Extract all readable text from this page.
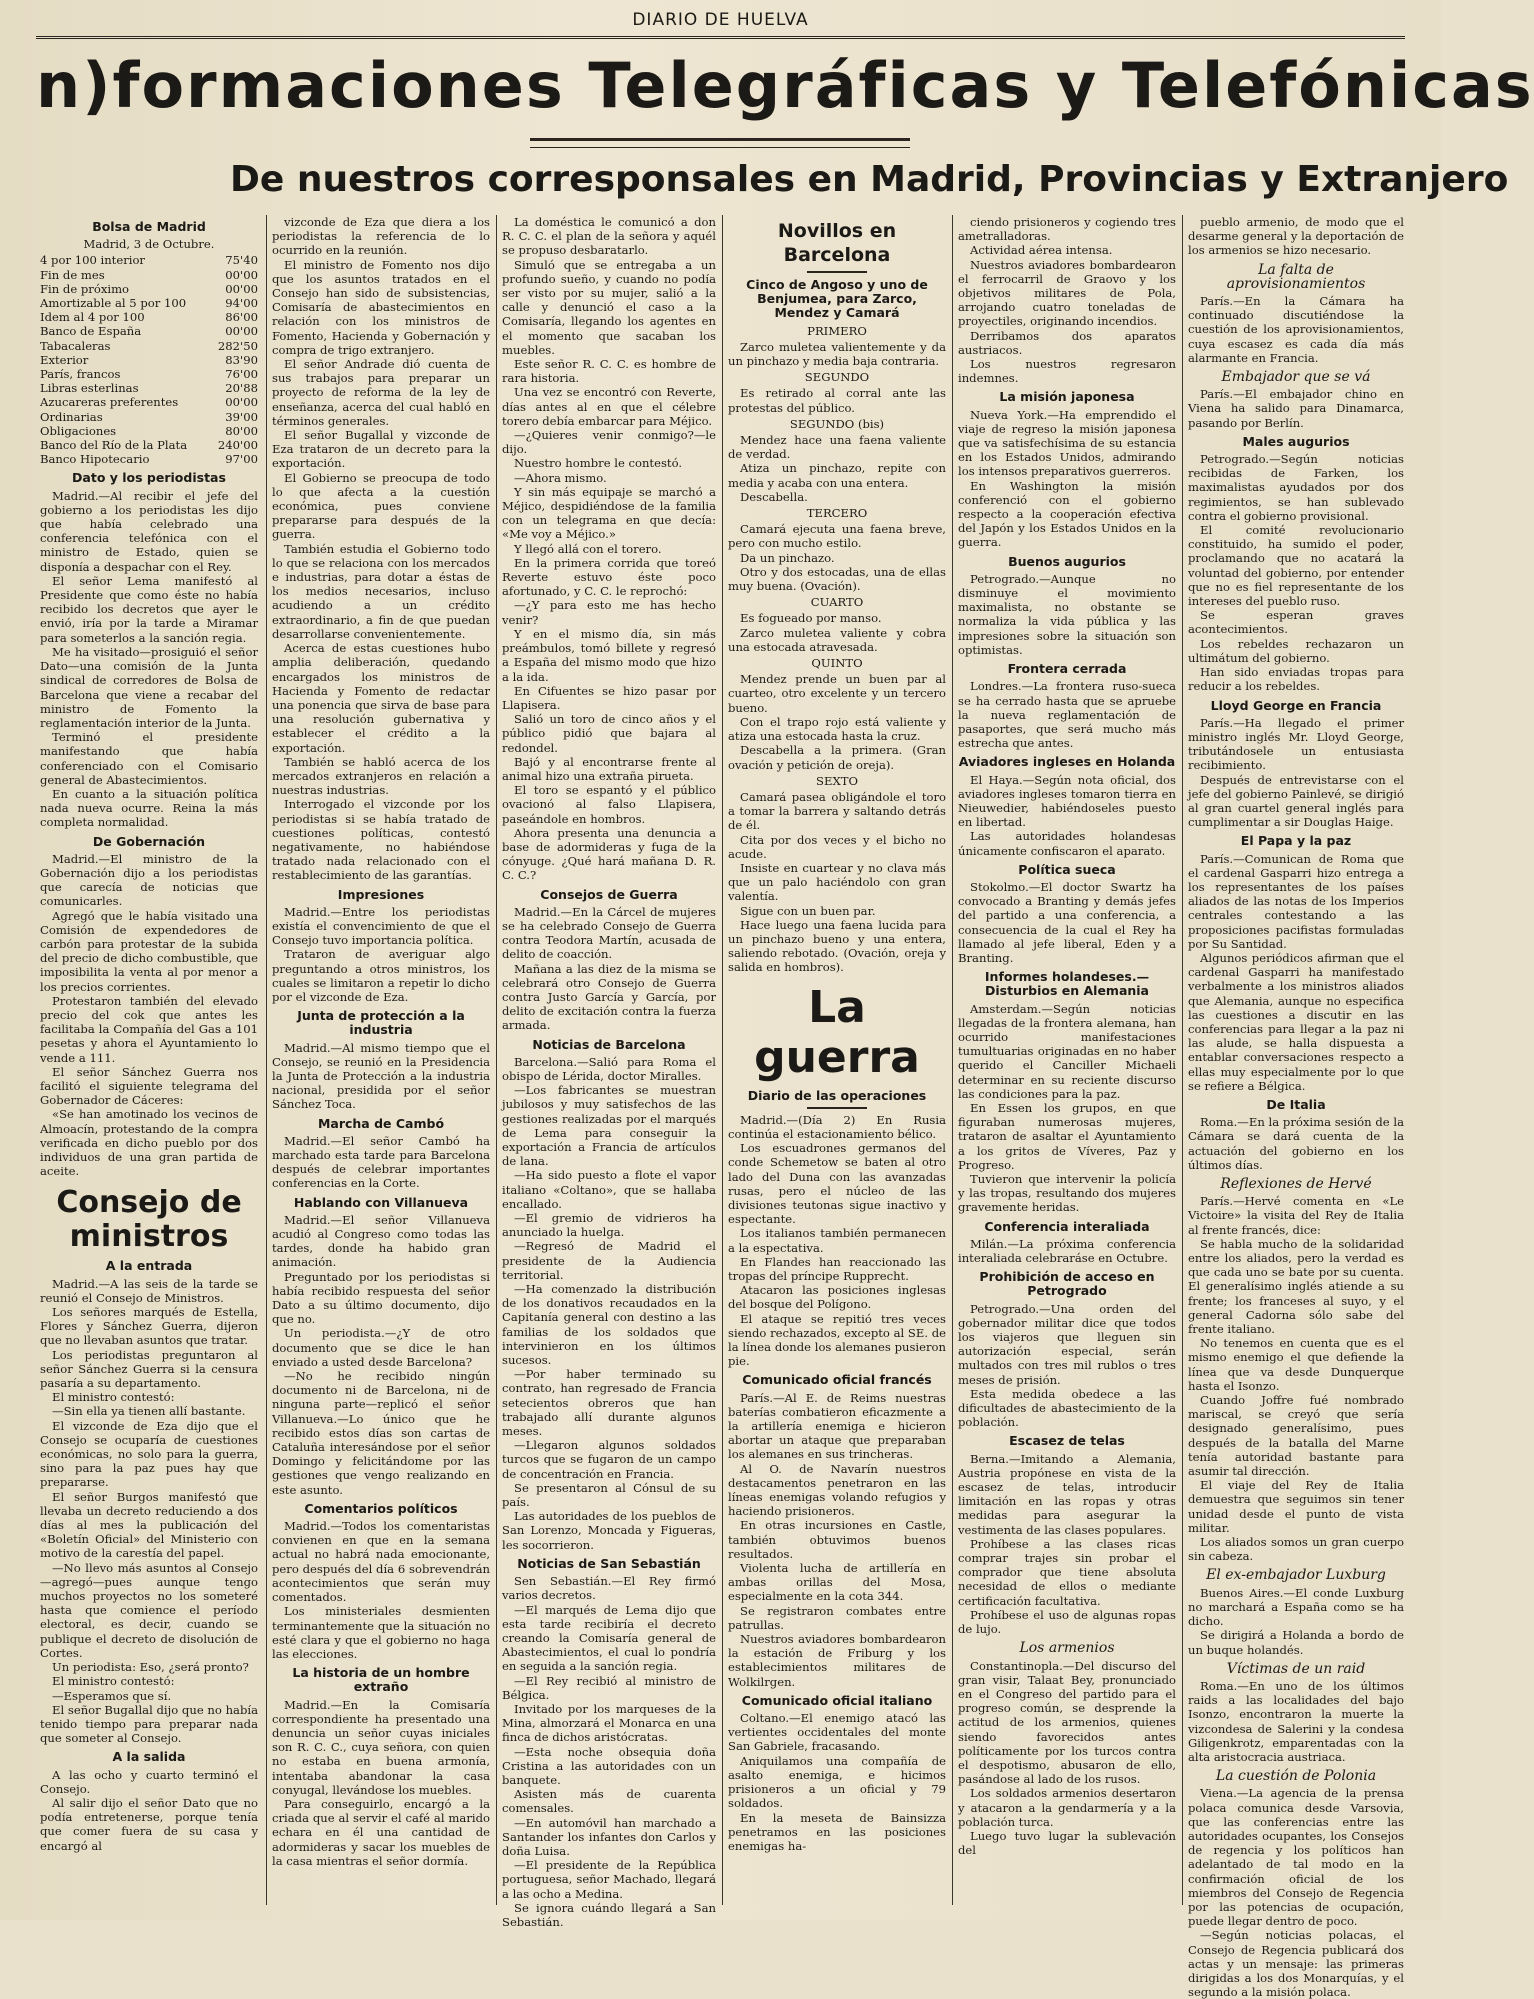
DIARIO DE HUELVA
n)formaciones Telegráficas y Telefónicas
De nuestros corresponsales en Madrid, Provincias y Extranjero
Bolsa de Madrid

Madrid, 3 de Octubre.

4 por 100 interior	75'40
Fin de mes	00'00
Fin de próximo	00'00
Amortizable al 5 por 100	94'00
Idem al 4 por 100	86'00
Banco de España	00'00
Tabacaleras	282'50
Exterior	83'90
París, francos	76'00
Libras esterlinas	20'88
Azucareras preferentes	00'00
Ordinarias	39'00
Obligaciones	80'00
Banco del Río de la Plata	240'00
Banco Hipotecario	97'00
Dato y los periodistas

Madrid.—Al recibir el jefe del gobierno a los periodistas les dijo que había celebrado una conferencia telefónica con el ministro de Estado, quien se disponía a despachar con el Rey.

El señor Lema manifestó al Presidente que como éste no había recibido los decretos que ayer le envió, iría por la tarde a Miramar para someterlos a la sanción regia.

Me ha visitado—prosiguió el señor Dato—una comisión de la Junta sindical de corredores de Bolsa de Barcelona que viene a recabar del ministro de Fomento la reglamentación interior de la Junta.

Terminó el presidente manifestando que había conferenciado con el Comisario general de Abastecimientos.

En cuanto a la situación política nada nueva ocurre. Reina la más completa normalidad.

De Gobernación

Madrid.—El ministro de la Gobernación dijo a los periodistas que carecía de noticias que comunicarles.

Agregó que le había visitado una Comisión de expendedores de carbón para protestar de la subida del precio de dicho combustible, que imposibilita la venta al por menor a los precios corrientes.

Protestaron también del elevado precio del cok que antes les facilitaba la Compañía del Gas a 101 pesetas y ahora el Ayuntamiento lo vende a 111.

El señor Sánchez Guerra nos facilitó el siguiente telegrama del Gobernador de Cáceres:

«Se han amotinado los vecinos de Almoacín, protestando de la compra verificada en dicho pueblo por dos individuos de una gran partida de aceite.

Consejo de ministros
A la entrada

Madrid.—A las seis de la tarde se reunió el Consejo de Ministros.

Los señores marqués de Estella, Flores y Sánchez Guerra, dijeron que no llevaban asuntos que tratar.

Los periodistas preguntaron al señor Sánchez Guerra si la censura pasaría a su departamento.

El ministro contestó:

—Sin ella ya tienen allí bastante.

El vizconde de Eza dijo que el Consejo se ocuparía de cuestiones económicas, no solo para la guerra, sino para la paz pues hay que prepararse.

El señor Burgos manifestó que llevaba un decreto reduciendo a dos días al mes la publicación del «Boletín Oficial» del Ministerio con motivo de la carestía del papel.

—No llevo más asuntos al Consejo—agregó—pues aunque tengo muchos proyectos no los someteré hasta que comience el período electoral, es decir, cuando se publique el decreto de disolución de Cortes.

Un periodista: Eso, ¿será pronto?

El ministro contestó:

—Esperamos que sí.

El señor Bugallal dijo que no había tenido tiempo para preparar nada que someter al Consejo.

A la salida

A las ocho y cuarto terminó el Consejo.

Al salir dijo el señor Dato que no podía entretenerse, porque tenía que comer fuera de su casa y encargó al

vizconde de Eza que diera a los periodistas la referencia de lo ocurrido en la reunión.

El ministro de Fomento nos dijo que los asuntos tratados en el Consejo han sido de subsistencias, Comisaría de abastecimientos en relación con los ministros de Fomento, Hacienda y Gobernación y compra de trigo extranjero.

El señor Andrade dió cuenta de sus trabajos para preparar un proyecto de reforma de la ley de enseñanza, acerca del cual habló en términos generales.

El señor Bugallal y vizconde de Eza trataron de un decreto para la exportación.

El Gobierno se preocupa de todo lo que afecta a la cuestión económica, pues conviene prepararse para después de la guerra.

También estudia el Gobierno todo lo que se relaciona con los mercados e industrias, para dotar a éstas de los medios necesarios, incluso acudiendo a un crédito extraordinario, a fin de que puedan desarrollarse convenientemente.

Acerca de estas cuestiones hubo amplia deliberación, quedando encargados los ministros de Hacienda y Fomento de redactar una ponencia que sirva de base para una resolución gubernativa y establecer el crédito a la exportación.

También se habló acerca de los mercados extranjeros en relación a nuestras industrias.

Interrogado el vizconde por los periodistas si se había tratado de cuestiones políticas, contestó negativamente, no habiéndose tratado nada relacionado con el restablecimiento de las garantías.

Impresiones

Madrid.—Entre los periodistas existía el convencimiento de que el Consejo tuvo importancia política.

Trataron de averiguar algo preguntando a otros ministros, los cuales se limitaron a repetir lo dicho por el vizconde de Eza.

Junta de protección a la industria

Madrid.—Al mismo tiempo que el Consejo, se reunió en la Presidencia la Junta de Protección a la industria nacional, presidida por el señor Sánchez Toca.

Marcha de Cambó

Madrid.—El señor Cambó ha marchado esta tarde para Barcelona después de celebrar importantes conferencias en la Corte.

Hablando con Villanueva

Madrid.—El señor Villanueva acudió al Congreso como todas las tardes, donde ha habido gran animación.

Preguntado por los periodistas si había recibido respuesta del señor Dato a su último documento, dijo que no.

Un periodista.—¿Y de otro documento que se dice le han enviado a usted desde Barcelona?

—No he recibido ningún documento ni de Barcelona, ni de ninguna parte—replicó el señor Villanueva.—Lo único que he recibido estos días son cartas de Cataluña interesándose por el señor Domingo y felicitándome por las gestiones que vengo realizando en este asunto.

Comentarios políticos

Madrid.—Todos los comentaristas convienen en que en la semana actual no habrá nada emocionante, pero después del día 6 sobrevendrán acontecimientos que serán muy comentados.

Los ministeriales desmienten terminantemente que la situación no esté clara y que el gobierno no haga las elecciones.

La historia de un hombre extraño

Madrid.—En la Comisaría correspondiente ha presentado una denuncia un señor cuyas iniciales son R. C. C., cuya señora, con quien no estaba en buena armonía, intentaba abandonar la casa conyugal, llevándose los muebles.

Para conseguirlo, encargó a la criada que al servir el café al marido echara en él una cantidad de adormideras y sacar los muebles de la casa mientras el señor dormía.

La doméstica le comunicó a don R. C. C. el plan de la señora y aquél se propuso desbaratarlo.

Simuló que se entregaba a un profundo sueño, y cuando no podía ser visto por su mujer, salió a la calle y denunció el caso a la Comisaría, llegando los agentes en el momento que sacaban los muebles.

Este señor R. C. C. es hombre de rara historia.

Una vez se encontró con Reverte, días antes al en que el célebre torero debía embarcar para Méjico.

—¿Quieres venir conmigo?—le dijo.

Nuestro hombre le contestó.

—Ahora mismo.

Y sin más equipaje se marchó a Méjico, despidiéndose de la familia con un telegrama en que decía: «Me voy a Méjico.»

Y llegó allá con el torero.

En la primera corrida que toreó Reverte estuvo éste poco afortunado, y C. C. le reprochó:

—¿Y para esto me has hecho venir?

Y en el mismo día, sin más preámbulos, tomó billete y regresó a España del mismo modo que hizo a la ida.

En Cifuentes se hizo pasar por Llapisera.

Salió un toro de cinco años y el público pidió que bajara al redondel.

Bajó y al encontrarse frente al animal hizo una extraña pirueta.

El toro se espantó y el público ovacionó al falso Llapisera, paseándole en hombros.

Ahora presenta una denuncia a base de adormideras y fuga de la cónyuge. ¿Qué hará mañana D. R. C. C.?

Consejos de Guerra

Madrid.—En la Cárcel de mujeres se ha celebrado Consejo de Guerra contra Teodora Martín, acusada de delito de coacción.

Mañana a las diez de la misma se celebrará otro Consejo de Guerra contra Justo García y García, por delito de excitación contra la fuerza armada.

Noticias de Barcelona

Barcelona.—Salió para Roma el obispo de Lérida, doctor Miralles.

—Los fabricantes se muestran jubilosos y muy satisfechos de las gestiones realizadas por el marqués de Lema para conseguir la exportación a Francia de artículos de lana.

—Ha sido puesto a flote el vapor italiano «Coltano», que se hallaba encallado.

—El gremio de vidrieros ha anunciado la huelga.

—Regresó de Madrid el presidente de la Audiencia territorial.

—Ha comenzado la distribución de los donativos recaudados en la Capitanía general con destino a las familias de los soldados que intervinieron en los últimos sucesos.

—Por haber terminado su contrato, han regresado de Francia setecientos obreros que han trabajado allí durante algunos meses.

—Llegaron algunos soldados turcos que se fugaron de un campo de concentración en Francia.

Se presentaron al Cónsul de su país.

Las autoridades de los pueblos de San Lorenzo, Moncada y Figueras, les socorrieron.

Noticias de San Sebastián

Sen Sebastián.—El Rey firmó varios decretos.

—El marqués de Lema dijo que esta tarde recibiría el decreto creando la Comisaría general de Abastecimientos, el cual lo pondría en seguida a la sanción regia.

—El Rey recibió al ministro de Bélgica.

Invitado por los marqueses de la Mina, almorzará el Monarca en una finca de dichos aristócratas.

—Esta noche obsequia doña Cristina a las autoridades con un banquete.

Asisten más de cuarenta comensales.

—En automóvil han marchado a Santander los infantes don Carlos y doña Luisa.

—El presidente de la República portuguesa, señor Machado, llegará a las ocho a Medina.

Se ignora cuándo llegará a San Sebastián.

Novillos en Barcelona
Cinco de Angoso y uno de Benjumea, para Zarco, Mendez y Camará

PRIMERO

Zarco muletea valientemente y da un pinchazo y media baja contraria.

SEGUNDO

Es retirado al corral ante las protestas del público.

SEGUNDO (bis)

Mendez hace una faena valiente de verdad.

Atiza un pinchazo, repite con media y acaba con una entera.

Descabella.

TERCERO

Camará ejecuta una faena breve, pero con mucho estilo.

Da un pinchazo.

Otro y dos estocadas, una de ellas muy buena. (Ovación).

CUARTO

Es fogueado por manso.

Zarco muletea valiente y cobra una estocada atravesada.

QUINTO

Mendez prende un buen par al cuarteo, otro excelente y un tercero bueno.

Con el trapo rojo está valiente y atiza una estocada hasta la cruz.

Descabella a la primera. (Gran ovación y petición de oreja).

SEXTO

Camará pasea obligándole el toro a tomar la barrera y saltando detrás de él.

Cita por dos veces y el bicho no acude.

Insiste en cuartear y no clava más que un palo haciéndolo con gran valentía.

Sigue con un buen par.

Hace luego una faena lucida para un pinchazo bueno y una entera, saliendo rebotado. (Ovación, oreja y salida en hombros).

La guerra
Diario de las operaciones

Madrid.—(Día 2) En Rusia continúa el estacionamiento bélico.

Los escuadrones germanos del conde Schemetow se baten al otro lado del Duna con las avanzadas rusas, pero el núcleo de las divisiones teutonas sigue inactivo y espectante.

Los italianos también permanecen a la espectativa.

En Flandes han reaccionado las tropas del príncipe Rupprecht.

Atacaron las posiciones inglesas del bosque del Polígono.

El ataque se repitió tres veces siendo rechazados, excepto al SE. de la línea donde los alemanes pusieron pie.

Comunicado oficial francés

París.—Al E. de Reims nuestras baterías combatieron eficazmente a la artillería enemiga e hicieron abortar un ataque que preparaban los alemanes en sus trincheras.

Al O. de Navarín nuestros destacamentos penetraron en las líneas enemigas volando refugios y haciendo prisioneros.

En otras incursiones en Castle, también obtuvimos buenos resultados.

Violenta lucha de artillería en ambas orillas del Mosa, especialmente en la cota 344.

Se registraron combates entre patrullas.

Nuestros aviadores bombardearon la estación de Friburg y los establecimientos militares de Wolkilrgen.

Comunicado oficial italiano

Coltano.—El enemigo atacó las vertientes occidentales del monte San Gabriele, fracasando.

Aniquilamos una compañía de asalto enemiga, e hicimos prisioneros a un oficial y 79 soldados.

En la meseta de Bainsizza penetramos en las posiciones enemigas ha-

ciendo prisioneros y cogiendo tres ametralladoras.

Actividad aérea intensa.

Nuestros aviadores bombardearon el ferrocarril de Graovo y los objetivos militares de Pola, arrojando cuatro toneladas de proyectiles, originando incendios.

Derribamos dos aparatos austriacos.

Los nuestros regresaron indemnes.

La misión japonesa

Nueva York.—Ha emprendido el viaje de regreso la misión japonesa que va satisfechísima de su estancia en los Estados Unidos, admirando los intensos preparativos guerreros.

En Washington la misión conferenció con el gobierno respecto a la cooperación efectiva del Japón y los Estados Unidos en la guerra.

Buenos augurios

Petrogrado.—Aunque no disminuye el movimiento maximalista, no obstante se normaliza la vida pública y las impresiones sobre la situación son optimistas.

Frontera cerrada

Londres.—La frontera ruso-sueca se ha cerrado hasta que se apruebe la nueva reglamentación de pasaportes, que será mucho más estrecha que antes.

Aviadores ingleses en Holanda

El Haya.—Según nota oficial, dos aviadores ingleses tomaron tierra en Nieuwedier, habiéndoseles puesto en libertad.

Las autoridades holandesas únicamente confiscaron el aparato.

Política sueca

Stokolmo.—El doctor Swartz ha convocado a Branting y demás jefes del partido a una conferencia, a consecuencia de la cual el Rey ha llamado al jefe liberal, Eden y a Branting.

Informes holandeses.—Disturbios en Alemania

Amsterdam.—Según noticias llegadas de la frontera alemana, han ocurrido manifestaciones tumultuarias originadas en no haber querido el Canciller Michaeli determinar en su reciente discurso las condiciones para la paz.

En Essen los grupos, en que figuraban numerosas mujeres, trataron de asaltar el Ayuntamiento a los gritos de Víveres, Paz y Progreso.

Tuvieron que intervenir la policía y las tropas, resultando dos mujeres gravemente heridas.

Conferencia interaliada

Milán.—La próxima conferencia interaliada celebraráse en Octubre.

Prohibición de acceso en Petrogrado

Petrogrado.—Una orden del gobernador militar dice que todos los viajeros que lleguen sin autorización especial, serán multados con tres mil rublos o tres meses de prisión.

Esta medida obedece a las dificultades de abastecimiento de la población.

Escasez de telas

Berna.—Imitando a Alemania, Austria propónese en vista de la escasez de telas, introducir limitación en las ropas y otras medidas para asegurar la vestimenta de las clases populares.

Prohíbese a las clases ricas comprar trajes sin probar el comprador que tiene absoluta necesidad de ellos o mediante certificación facultativa.

Prohíbese el uso de algunas ropas de lujo.

Los armenios

Constantinopla.—Del discurso del gran visir, Talaat Bey, pronunciado en el Congreso del partido para el progreso común, se desprende la actitud de los armenios, quienes siendo favorecidos antes políticamente por los turcos contra el despotismo, abusaron de ello, pasándose al lado de los rusos.

Los soldados armenios desertaron y atacaron a la gendarmería y a la población turca.

Luego tuvo lugar la sublevación del

pueblo armenio, de modo que el desarme general y la deportación de los armenios se hizo necesario.

La falta de aprovisionamientos

París.—En la Cámara ha continuado discutiéndose la cuestión de los aprovisionamientos, cuya escasez es cada día más alarmante en Francia.

Embajador que se vá

París.—El embajador chino en Viena ha salido para Dinamarca, pasando por Berlín.

Males augurios

Petrogrado.—Según noticias recibidas de Farken, los maximalistas ayudados por dos regimientos, se han sublevado contra el gobierno provisional.

El comité revolucionario constituido, ha sumido el poder, proclamando que no acatará la voluntad del gobierno, por entender que no es fiel representante de los intereses del pueblo ruso.

Se esperan graves acontecimientos.

Los rebeldes rechazaron un ultimátum del gobierno.

Han sido enviadas tropas para reducir a los rebeldes.

Lloyd George en Francia

París.—Ha llegado el primer ministro inglés Mr. Lloyd George, tributándosele un entusiasta recibimiento.

Después de entrevistarse con el jefe del gobierno Painlevé, se dirigió al gran cuartel general inglés para cumplimentar a sir Douglas Haige.

El Papa y la paz

París.—Comunican de Roma que el cardenal Gasparri hizo entrega a los representantes de los países aliados de las notas de los Imperios centrales contestando a las proposiciones pacifistas formuladas por Su Santidad.

Algunos periódicos afirman que el cardenal Gasparri ha manifestado verbalmente a los ministros aliados que Alemania, aunque no especifica las cuestiones a discutir en las conferencias para llegar a la paz ni las alude, se halla dispuesta a entablar conversaciones respecto a ellas muy especialmente por lo que se refiere a Bélgica.

De Italia

Roma.—En la próxima sesión de la Cámara se dará cuenta de la actuación del gobierno en los últimos días.

Reflexiones de Hervé

París.—Hervé comenta en «Le Victoire» la visita del Rey de Italia al frente francés, dice:

Se habla mucho de la solidaridad entre los aliados, pero la verdad es que cada uno se bate por su cuenta. El generalísimo inglés atiende a su frente; los franceses al suyo, y el general Cadorna sólo sabe del frente italiano.

No tenemos en cuenta que es el mismo enemigo el que defiende la línea que va desde Dunquerque hasta el Isonzo.

Cuando Joffre fué nombrado mariscal, se creyó que sería designado generalísimo, pues después de la batalla del Marne tenía autoridad bastante para asumir tal dirección.

El viaje del Rey de Italia demuestra que seguimos sin tener unidad desde el punto de vista militar.

Los aliados somos un gran cuerpo sin cabeza.

El ex-embajador Luxburg

Buenos Aires.—El conde Luxburg no marchará a España como se ha dicho.

Se dirigirá a Holanda a bordo de un buque holandés.

Víctimas de un raid

Roma.—En uno de los últimos raids a las localidades del bajo Isonzo, encontraron la muerte la vizcondesa de Salerini y la condesa Giligenkrotz, emparentadas con la alta aristocracia austriaca.

La cuestión de Polonia

Viena.—La agencia de la prensa polaca comunica desde Varsovia, que las conferencias entre las autoridades ocupantes, los Consejos de regencia y los políticos han adelantado de tal modo en la confirmación oficial de los miembros del Consejo de Regencia por las potencias de ocupación, puede llegar dentro de poco.

—Según noticias polacas, el Consejo de Regencia publicará dos actas y un mensaje: las primeras dirigidas a los dos Monarquías, y el segundo a la misión polaca.
